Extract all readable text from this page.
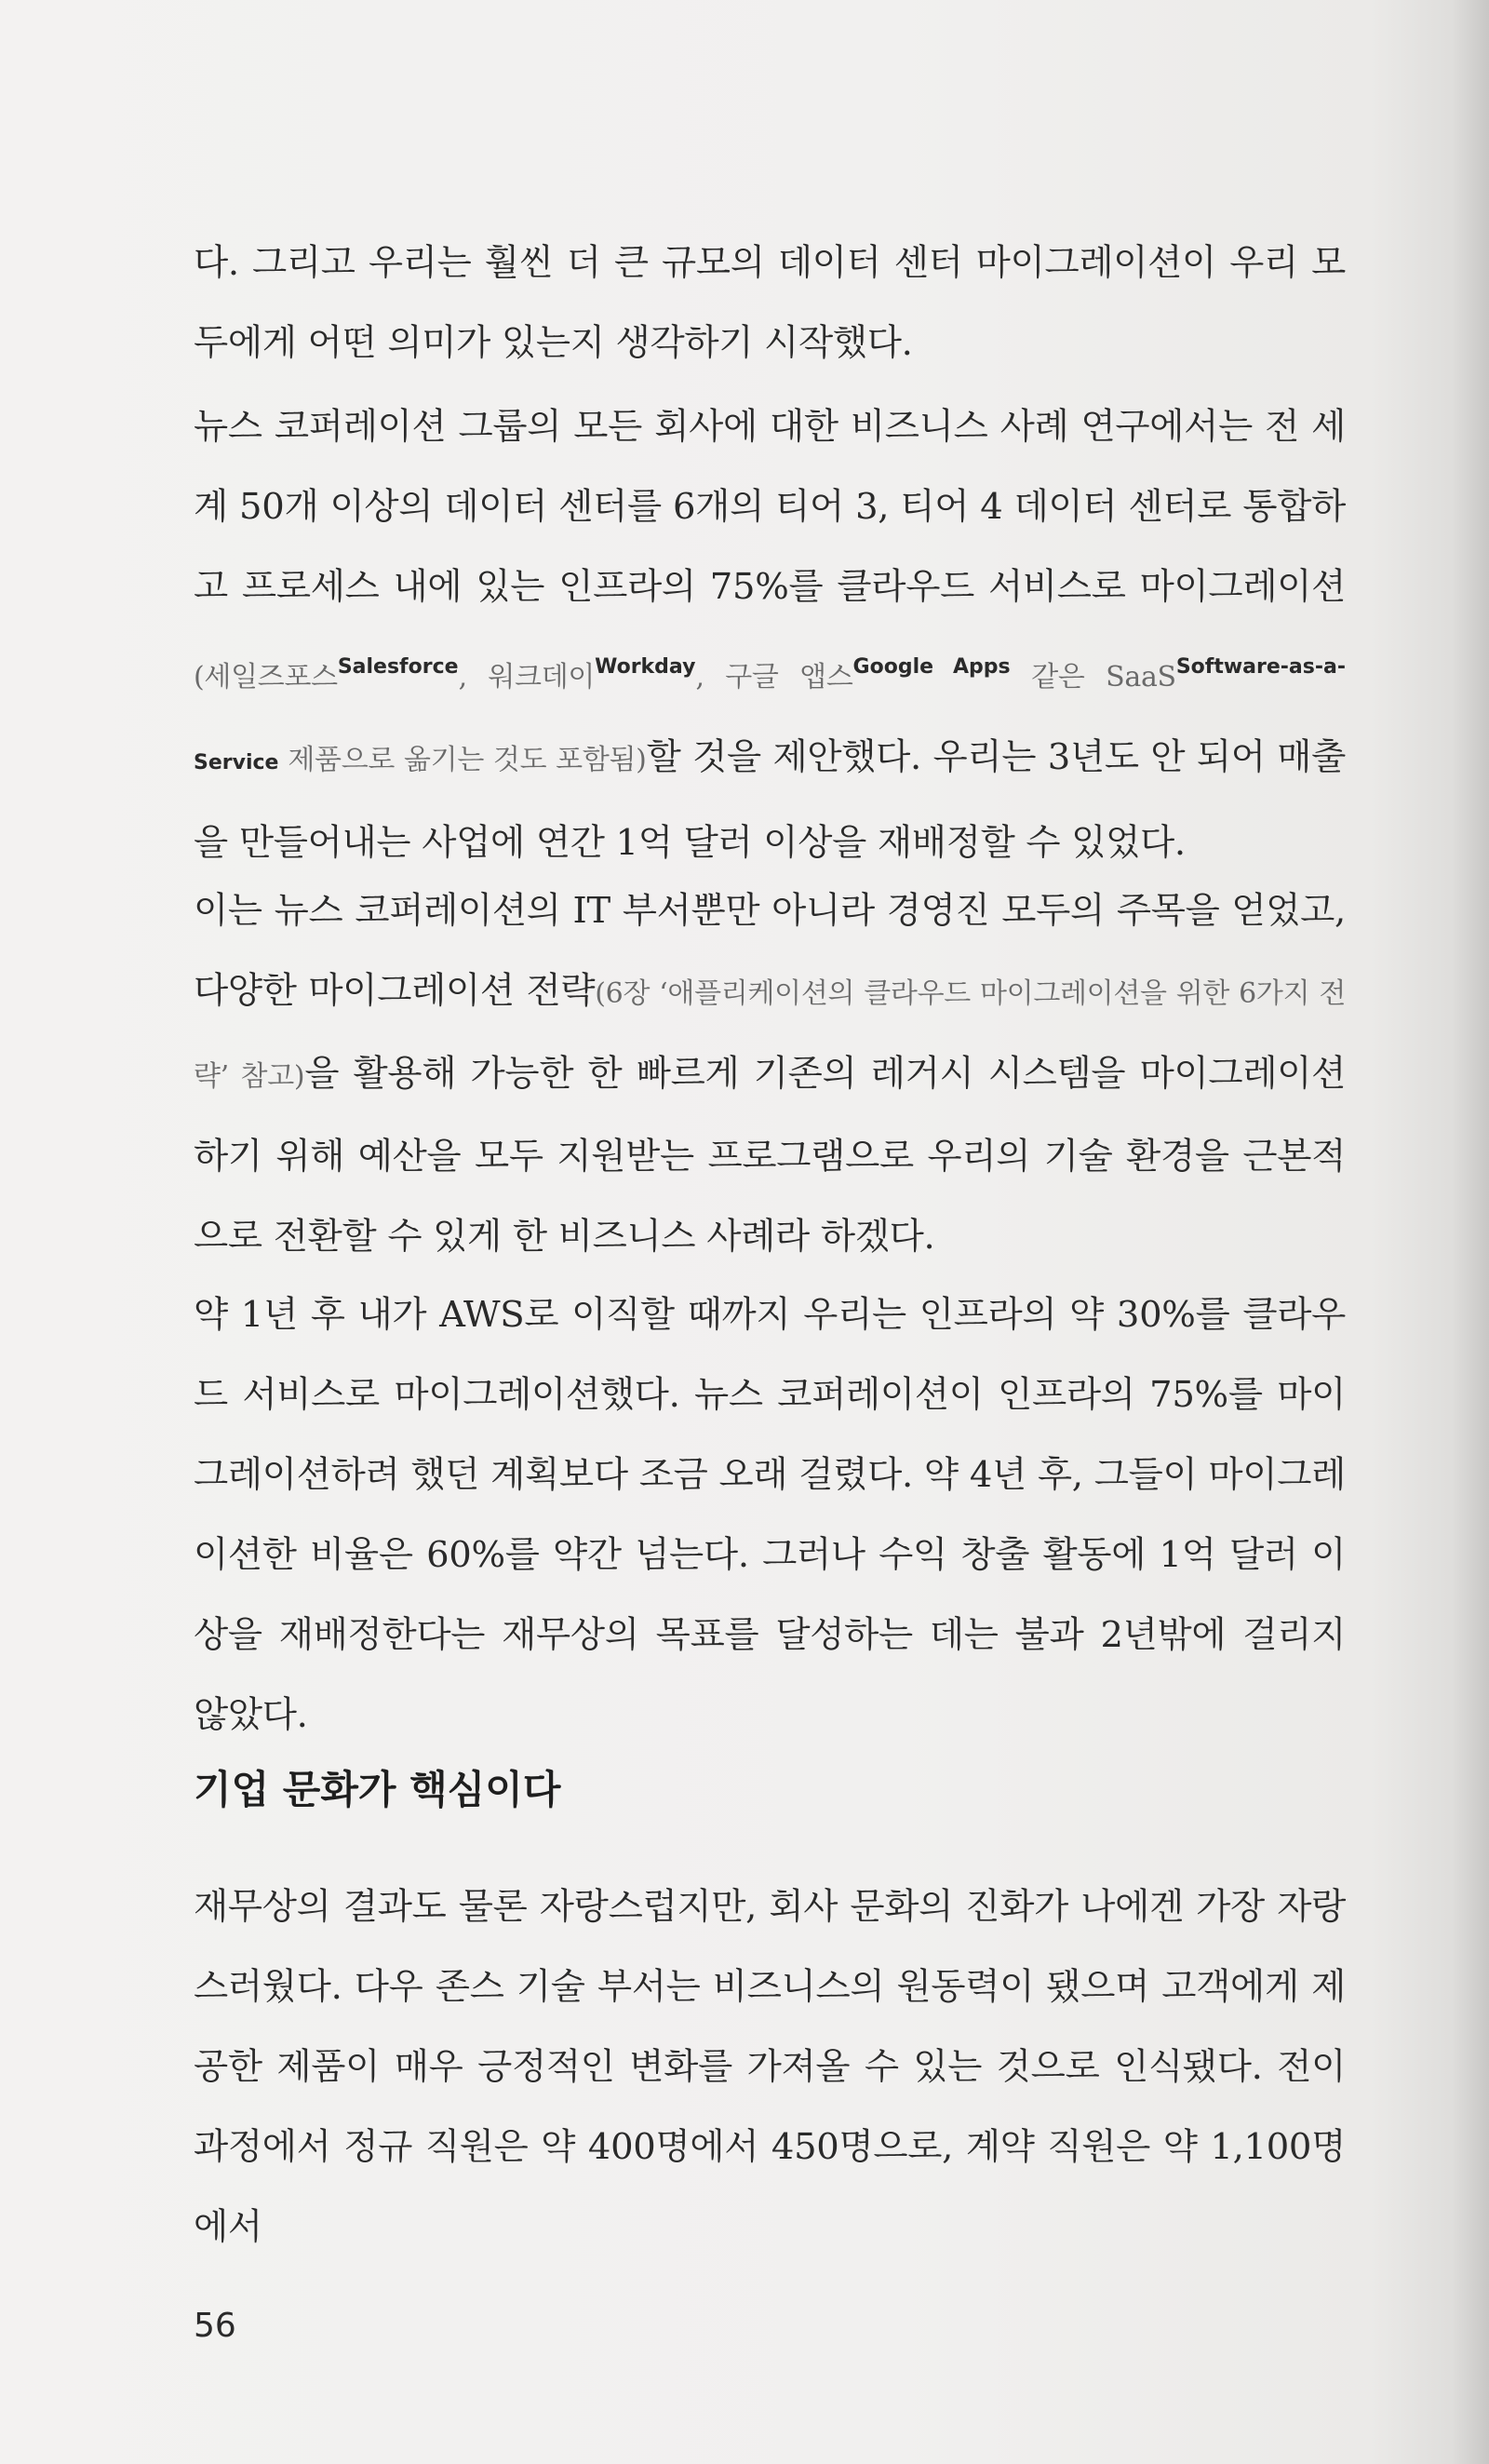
다. 그리고 우리는 훨씬 더 큰 규모의 데이터 센터 마이그레이션이 우리 모두에게 어떤 의미가 있는지 생각하기 시작했다.

뉴스 코퍼레이션 그룹의 모든 회사에 대한 비즈니스 사례 연구에서는 전 세계 50개 이상의 데이터 센터를 6개의 티어 3, 티어 4 데이터 센터로 통합하고 프로세스 내에 있는 인프라의 75%를 클라우드 서비스로 마이그레이션(세일즈포스$^{Salesforce}$, 워크데이$^{Workday}$, 구글 앱스$^{Google Apps}$ 같은 SaaS$^{Software-as-a-}$ Service 제품으로 옮기는 것도 포함됨)할 것을 제안했다. 우리는 3년도 안 되어 매출을 만들어내는 사업에 연간 1억 달러 이상을 재배정할 수 있었다.

이는 뉴스 코퍼레이션의 IT 부서뿐만 아니라 경영진 모두의 주목을 얻었고, 다양한 마이그레이션 전략(6장 ‘애플리케이션의 클라우드 마이그레이션을 위한 6가지 전략’ 참고)을 활용해 가능한 한 빠르게 기존의 레거시 시스템을 마이그레이션하기 위해 예산을 모두 지원받는 프로그램으로 우리의 기술 환경을 근본적으로 전환할 수 있게 한 비즈니스 사례라 하겠다.

약 1년 후 내가 AWS로 이직할 때까지 우리는 인프라의 약 30%를 클라우드 서비스로 마이그레이션했다. 뉴스 코퍼레이션이 인프라의 75%를 마이그레이션하려 했던 계획보다 조금 오래 걸렸다. 약 4년 후, 그들이 마이그레이션한 비율은 60%를 약간 넘는다. 그러나 수익 창출 활동에 1억 달러 이상을 재배정한다는 재무상의 목표를 달성하는 데는 불과 2년밖에 걸리지 않았다.

기업 문화가 핵심이다

재무상의 결과도 물론 자랑스럽지만, 회사 문화의 진화가 나에겐 가장 자랑스러웠다. 다우 존스 기술 부서는 비즈니스의 원동력이 됐으며 고객에게 제공한 제품이 매우 긍정적인 변화를 가져올 수 있는 것으로 인식됐다. 전이 과정에서 정규 직원은 약 400명에서 450명으로, 계약 직원은 약 1,100명에서

56
